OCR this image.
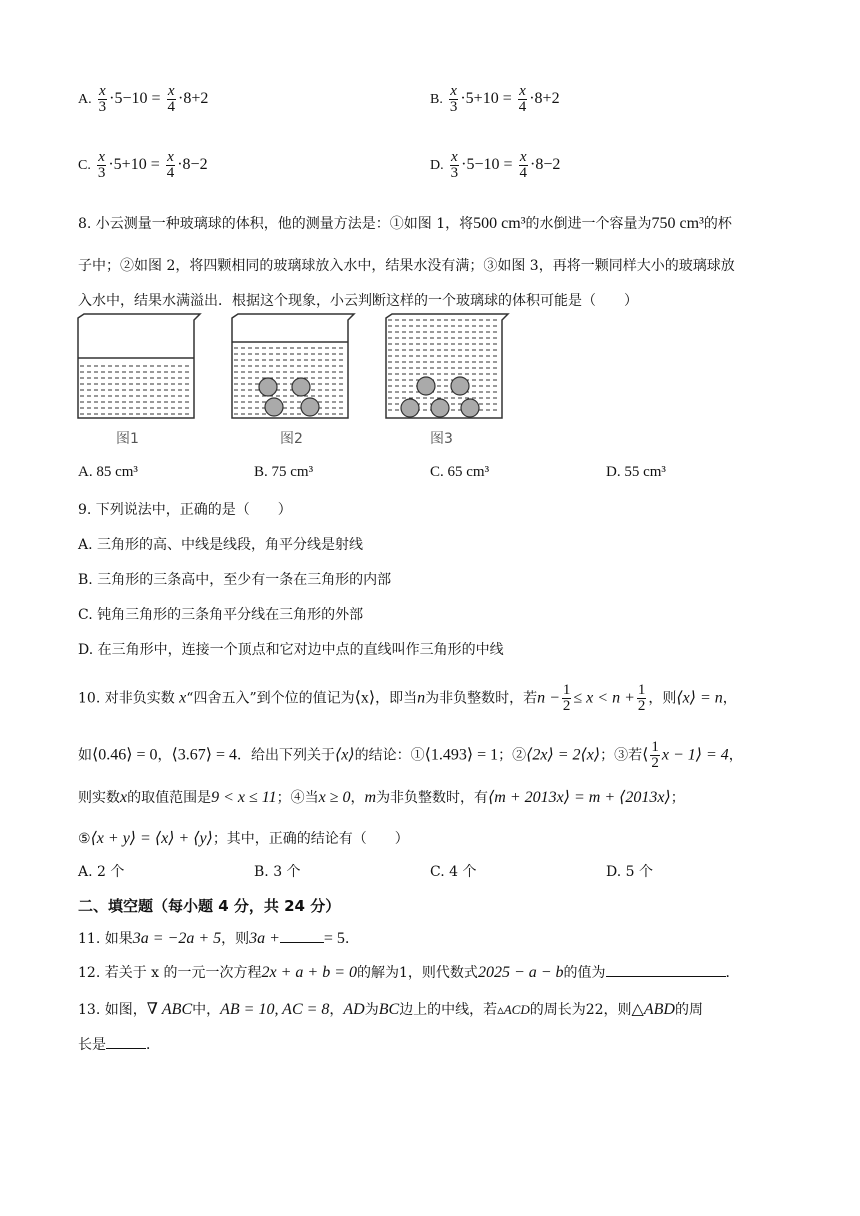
A. $\frac{x}{3} \cdot 5-10 = \frac{x}{4} \cdot 8+2$	B. $\frac{x}{3} \cdot 5+10 = \frac{x}{4} \cdot 8+2$
C. $\frac{x}{3} \cdot 5+10 = \frac{x}{4} \cdot 8-2$	D. $\frac{x}{3} \cdot 5-10 = \frac{x}{4} \cdot 8-2$
8. 小云测量一种玻璃球的体积，他的测量方法是：①如图 1，将500 cm³的水倒进一个容量为750 cm³的杯
子中；②如图 2，将四颗相同的玻璃球放入水中，结果水没有满；③如图 3，再将一颗同样大小的玻璃球放
入水中，结果水满溢出．根据这个现象，小云判断这样的一个玻璃球的体积可能是（　　）
图1	图2	图3
A. 85 cm³	B. 75 cm³	C. 65 cm³	D. 55 cm³
9. 下列说法中，正确的是（　　）
A. 三角形的高、中线是线段，角平分线是射线
B. 三角形的三条高中，至少有一条在三角形的内部
C. 钝角三角形的三条角平分线在三角形的外部
D. 在三角形中，连接一个顶点和它对边中点的直线叫作三角形的中线
10. 对非负实数 x“四舍五入”到个位的值记为⟨x⟩，即当n为非负整数时，若$n - \frac{1}{2} \le x < n + \frac{1}{2}$ ，则⟨x⟩ = n，
如⟨0.46⟩ = 0，⟨3.67⟩ = 4．给出下列关于⟨x⟩的结论：①⟨1.493⟩ = 1；②⟨2x⟩ = 2⟨x⟩；③若⟨ $\frac{1}{2}$ x − 1⟩ = 4，
则实数x的取值范围是9 < x ≤ 11；④当x ≥ 0，m为非负整数时，有⟨m + 2013x⟩ = m + ⟨2013x⟩；
⑤⟨x + y⟩ = ⟨x⟩ + ⟨y⟩；其中，正确的结论有（　　）
A. 2 个	B. 3 个	C. 4 个	D. 5 个
二、填空题（每小题 4 分，共 24 分）
11. 如果3a = −2a + 5，则3a +	= 5．
12. 若关于 x 的一元一次方程2x + a + b = 0的解为1，则代数式2025 − a − b的值为	．
13. 如图，∇ ABC中，AB = 10, AC = 8，AD为BC边上的中线，若▵ACD的周长为22，则△ABD的周
长是	．
